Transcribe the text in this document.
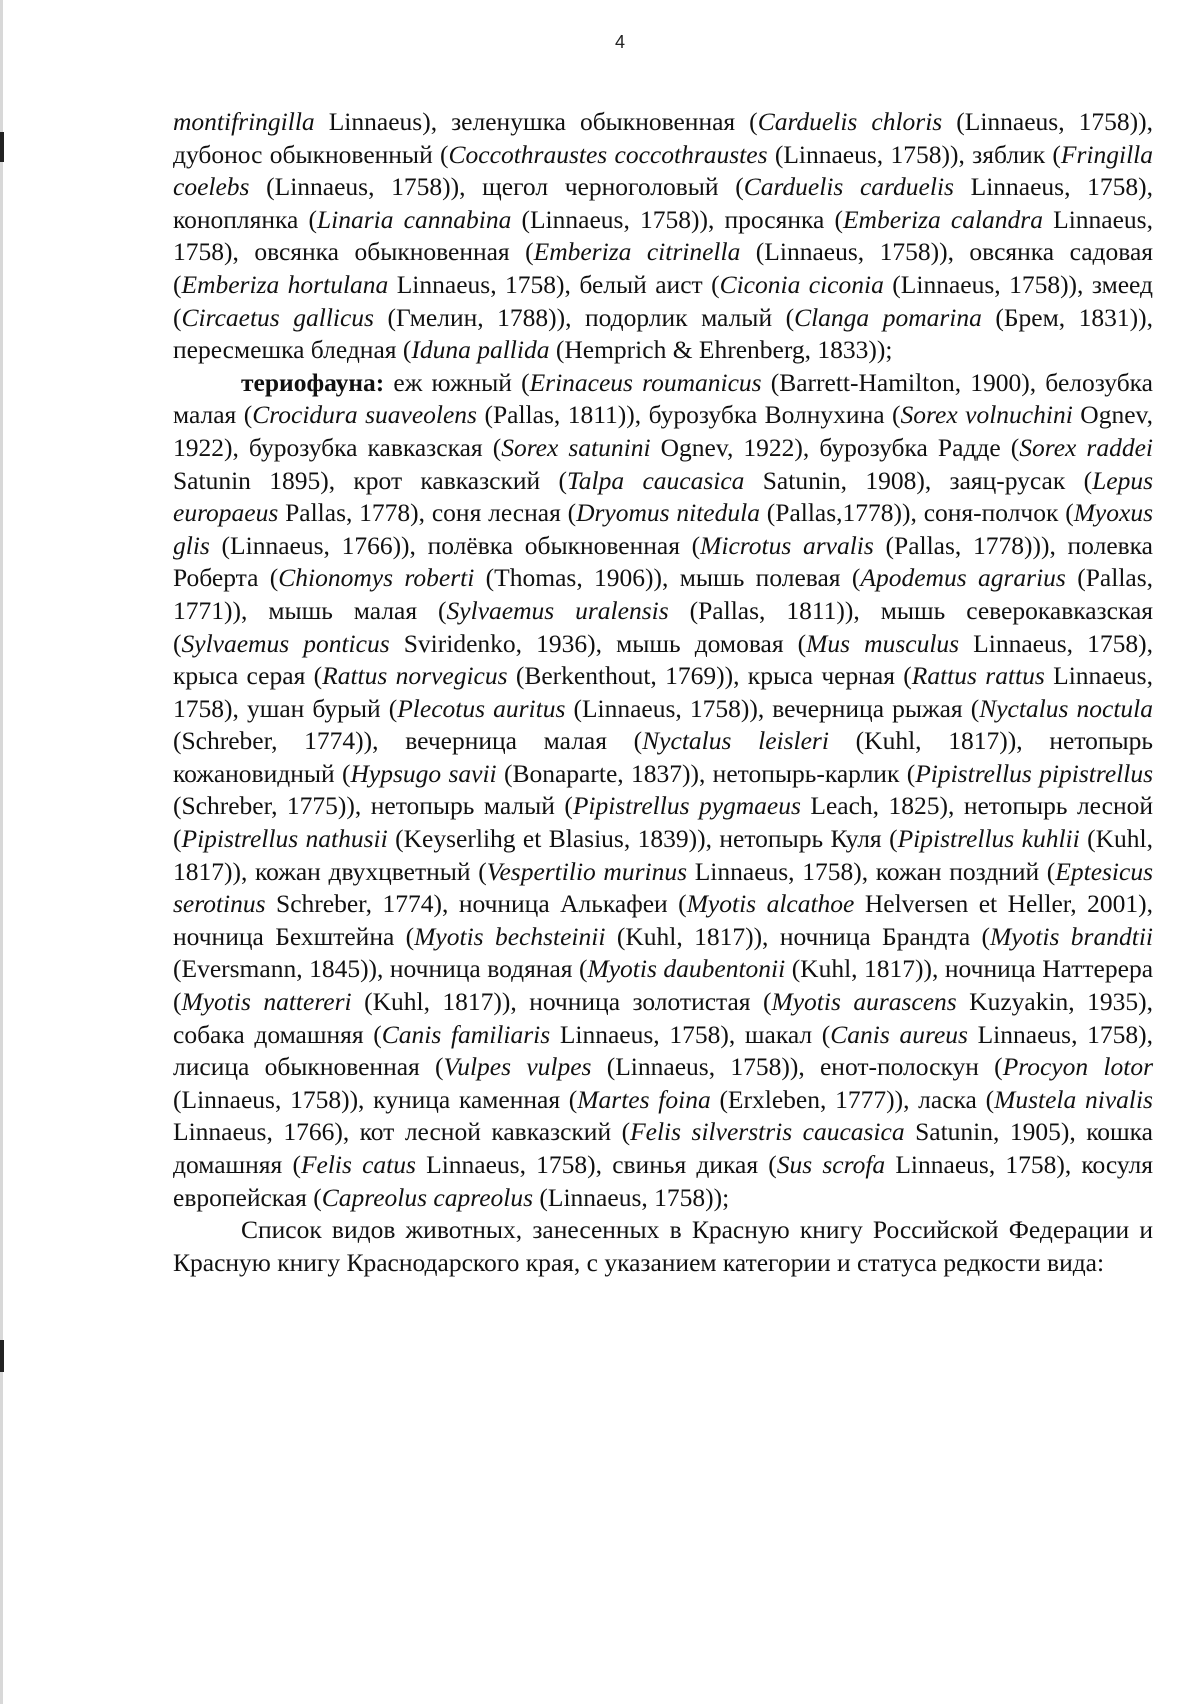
4

montifringilla Linnaeus), зеленушка обыкновенная (Carduelis chloris (Linnaeus, 1758)), дубонос обыкновенный (Coccothraustes coccothraustes (Linnaeus, 1758)), зяблик (Fringilla coelebs (Linnaeus, 1758)), щегол черноголовый (Carduelis carduelis Linnaeus, 1758), коноплянка (Linaria cannabina (Linnaeus, 1758)), просянка (Emberiza calandra Linnaeus, 1758), овсянка обыкновенная (Emberiza citrinella (Linnaeus, 1758)), овсянка садовая (Emberiza hortulana Linnaeus, 1758), белый аист (Ciconia ciconia (Linnaeus, 1758)), змеед (Circaetus gallicus (Гмелин, 1788)), подорлик малый (Clanga pomarina (Брем, 1831)), пересмешка бледная (Iduna pallida (Hemprich & Ehrenberg, 1833));

териофауна: еж южный (Erinaceus roumanicus (Barrett-Hamilton, 1900), белозубка малая (Crocidura suaveolens (Pallas, 1811)), бурозубка Волнухина (Sorex volnuchini Ognev, 1922), бурозубка кавказская (Sorex satunini Ognev, 1922), бурозубка Радде (Sorex raddei Satunin 1895), крот кавказский (Talpa caucasica Satunin, 1908), заяц-русак (Lepus europaeus Pallas, 1778), соня лесная (Dryomus nitedula (Pallas,1778)), соня-полчок (Myoxus glis (Linnaeus, 1766)), полёвка обыкновенная (Microtus arvalis (Pallas, 1778))), полевка Роберта (Chionomys roberti (Thomas, 1906)), мышь полевая (Apodemus agrarius (Pallas, 1771)), мышь малая (Sylvaemus uralensis (Pallas, 1811)), мышь северокавказская (Sylvaemus ponticus Sviridenko, 1936), мышь домовая (Mus musculus Linnaeus, 1758), крыса серая (Rattus norvegicus (Berkenthout, 1769)), крыса черная (Rattus rattus Linnaeus, 1758), ушан бурый (Plecotus auritus (Linnaeus, 1758)), вечерница рыжая (Nyctalus noctula (Schreber, 1774)), вечерница малая (Nyctalus leisleri (Kuhl, 1817)), нетопырь кожановидный (Hypsugo savii (Bonaparte, 1837)), нетопырь-карлик (Pipistrellus pipistrellus (Schreber, 1775)), нетопырь малый (Pipistrellus pygmaeus Leach, 1825), нетопырь лесной (Pipistrellus nathusii (Keyserlihg et Blasius, 1839)), нетопырь Куля (Pipistrellus kuhlii (Kuhl, 1817)), кожан двухцветный (Vespertilio murinus Linnaeus, 1758), кожан поздний (Eptesicus serotinus Schreber, 1774), ночница Алькафеи (Myotis alcathoe Helversen et Heller, 2001), ночница Бехштейна (Myotis bechsteinii (Kuhl, 1817)), ночница Брандта (Myotis brandtii (Eversmann, 1845)), ночница водяная (Myotis daubentonii (Kuhl, 1817)), ночница Наттерера (Myotis nattereri (Kuhl, 1817)), ночница золотистая (Myotis aurascens Kuzyakin, 1935), собака домашняя (Canis familiaris Linnaeus, 1758), шакал (Canis aureus Linnaeus, 1758), лисица обыкновенная (Vulpes vulpes (Linnaeus, 1758)), енот-полоскун (Procyon lotor (Linnaeus, 1758)), куница каменная (Martes foina (Erxleben, 1777)), ласка (Mustela nivalis Linnaeus, 1766), кот лесной кавказский (Felis silverstris caucasica Satunin, 1905), кошка домашняя (Felis catus Linnaeus, 1758), свинья дикая (Sus scrofa Linnaeus, 1758), косуля европейская (Capreolus capreolus (Linnaeus, 1758));

Список видов животных, занесенных в Красную книгу Российской Федерации и Красную книгу Краснодарского края, с указанием категории и статуса редкости вида:
